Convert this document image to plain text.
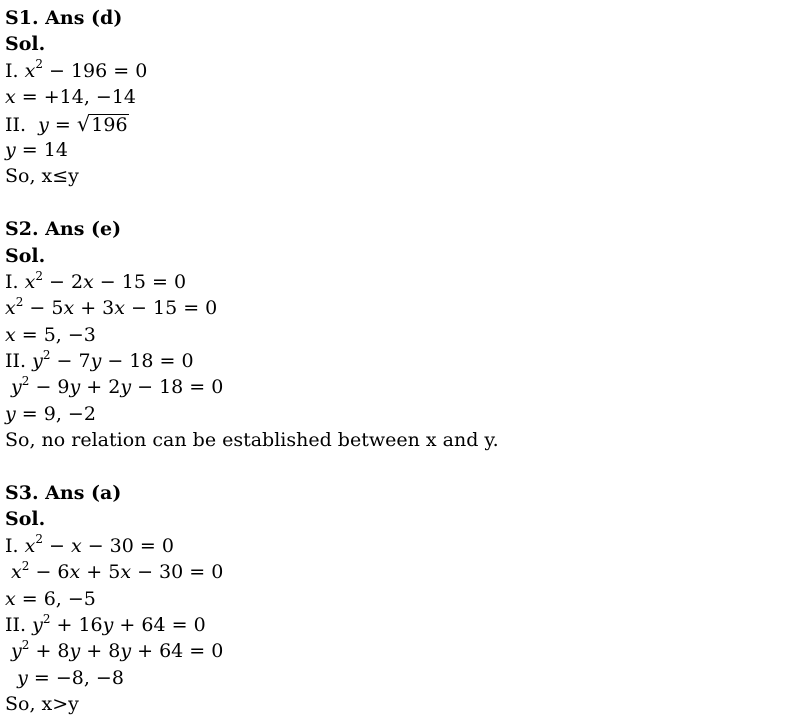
S1. Ans (d)
Sol.
I. $x^2 - 196 = 0$
x = +14, −14
II.  y = √196
y = 14
So, x≤y
S2. Ans (e)
Sol.
I. $x^2 - 2x - 15 = 0$
$x^2 - 5x + 3x - 15 = 0$
x = 5, −3
II. $y^2 - 7y - 18 = 0$
$y^2 - 9y + 2y - 18 = 0$
y = 9, −2
So, no relation can be established between x and y.
S3. Ans (a)
Sol.
I. $x^2 - x - 30 = 0$
$x^2 - 6x + 5x - 30 = 0$
x = 6, −5
II. $y^2 + 16y + 64 = 0$
$y^2 + 8y + 8y + 64 = 0$
y = −8, −8
So, x>y
